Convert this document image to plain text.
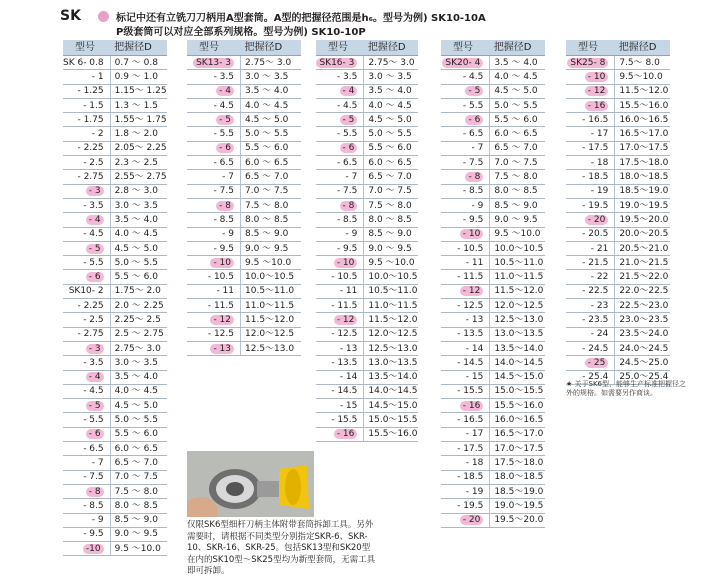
SK	标记中还有立铣刀刀柄用A型套筒。A型的把握径范围是h₆。型号为例) SK10-10A
P级套筒可以对应全部系列规格。型号为例) SK10-10P
型号	把握径D
SK 6- 0.8	0.7 ～ 0.8
- 1	0.9 ～ 1.0
- 1.25	1.15～ 1.25
- 1.5	1.3 ～ 1.5
- 1.75	1.55～ 1.75
- 2	1.8 ～ 2.0
- 2.25	2.05～ 2.25
- 2.5	2.3 ～ 2.5
- 2.75	2.55～ 2.75
- 3	2.8 ～ 3.0
- 3.5	3.0 ～ 3.5
- 4	3.5 ～ 4.0
- 4.5	4.0 ～ 4.5
- 5	4.5 ～ 5.0
- 5.5	5.0 ～ 5.5
- 6	5.5 ～ 6.0
SK10- 2	1.75～ 2.0
- 2.25	2.0 ～ 2.25
- 2.5	2.25～ 2.5
- 2.75	2.5 ～ 2.75
- 3	2.75～ 3.0
- 3.5	3.0 ～ 3.5
- 4	3.5 ～ 4.0
- 4.5	4.0 ～ 4.5
- 5	4.5 ～ 5.0
- 5.5	5.0 ～ 5.5
- 6	5.5 ～ 6.0
- 6.5	6.0 ～ 6.5
- 7	6.5 ～ 7.0
- 7.5	7.0 ～ 7.5
- 8	7.5 ～ 8.0
- 8.5	8.0 ～ 8.5
- 9	8.5 ～ 9.0
- 9.5	9.0 ～ 9.5
-10	9.5 ～10.0
型号	把握径D
SK13- 3	2.75～ 3.0
- 3.5	3.0 ～ 3.5
- 4	3.5 ～ 4.0
- 4.5	4.0 ～ 4.5
- 5	4.5 ～ 5.0
- 5.5	5.0 ～ 5.5
- 6	5.5 ～ 6.0
- 6.5	6.0 ～ 6.5
- 7	6.5 ～ 7.0
- 7.5	7.0 ～ 7.5
- 8	7.5 ～ 8.0
- 8.5	8.0 ～ 8.5
- 9	8.5 ～ 9.0
- 9.5	9.0 ～ 9.5
- 10	9.5 ～10.0
- 10.5	10.0～10.5
- 11	10.5～11.0
- 11.5	11.0～11.5
- 12	11.5～12.0
- 12.5	12.0～12.5
- 13	12.5～13.0
型号	把握径D
SK16- 3	2.75～ 3.0
- 3.5	3.0 ～ 3.5
- 4	3.5 ～ 4.0
- 4.5	4.0 ～ 4.5
- 5	4.5 ～ 5.0
- 5.5	5.0 ～ 5.5
- 6	5.5 ～ 6.0
- 6.5	6.0 ～ 6.5
- 7	6.5 ～ 7.0
- 7.5	7.0 ～ 7.5
- 8	7.5 ～ 8.0
- 8.5	8.0 ～ 8.5
- 9	8.5 ～ 9.0
- 9.5	9.0 ～ 9.5
- 10	9.5 ～10.0
- 10.5	10.0～10.5
- 11	10.5～11.0
- 11.5	11.0～11.5
- 12	11.5～12.0
- 12.5	12.0～12.5
- 13	12.5～13.0
- 13.5	13.0～13.5
- 14	13.5～14.0
- 14.5	14.0～14.5
- 15	14.5～15.0
- 15.5	15.0～15.5
- 16	15.5～16.0
型号	把握径D
SK20- 4	3.5 ～ 4.0
- 4.5	4.0 ～ 4.5
- 5	4.5 ～ 5.0
- 5.5	5.0 ～ 5.5
- 6	5.5 ～ 6.0
- 6.5	6.0 ～ 6.5
- 7	6.5 ～ 7.0
- 7.5	7.0 ～ 7.5
- 8	7.5 ～ 8.0
- 8.5	8.0 ～ 8.5
- 9	8.5 ～ 9.0
- 9.5	9.0 ～ 9.5
- 10	9.5 ～10.0
- 10.5	10.0～10.5
- 11	10.5～11.0
- 11.5	11.0～11.5
- 12	11.5～12.0
- 12.5	12.0～12.5
- 13	12.5～13.0
- 13.5	13.0～13.5
- 14	13.5～14.0
- 14.5	14.0～14.5
- 15	14.5～15.0
- 15.5	15.0～15.5
- 16	15.5～16.0
- 16.5	16.0～16.5
- 17	16.5～17.0
- 17.5	17.0～17.5
- 18	17.5～18.0
- 18.5	18.0～18.5
- 19	18.5～19.0
- 19.5	19.0～19.5
- 20	19.5～20.0
型号	把握径D
SK25- 8	7.5～ 8.0
- 10	9.5～10.0
- 12	11.5～12.0
- 16	15.5～16.0
- 16.5	16.0～16.5
- 17	16.5～17.0
- 17.5	17.0～17.5
- 18	17.5～18.0
- 18.5	18.0～18.5
- 19	18.5～19.0
- 19.5	19.0～19.5
- 20	19.5～20.0
- 20.5	20.0～20.5
- 21	20.5～21.0
- 21.5	21.0～21.5
- 22	21.5～22.0
- 22.5	22.0～22.5
- 23	22.5～23.0
- 23.5	23.0～23.5
- 24	23.5～24.0
- 24.5	24.0～24.5
- 25	24.5～25.0
- 25.4	25.0～25.4
仅限SK6型细杆刀柄主体附带套筒拆卸工具。另外需要时，请根据不同类型分别指定SKR-6、SKR-10、SKR-16、SKR-25。包括SK13型和SK20型在内的SK10型～SK25型均为新型套筒，无需工具即可拆卸。
★ 关于SK6型，能够生产标准把握径之外的规格。如需要另作商谈。
